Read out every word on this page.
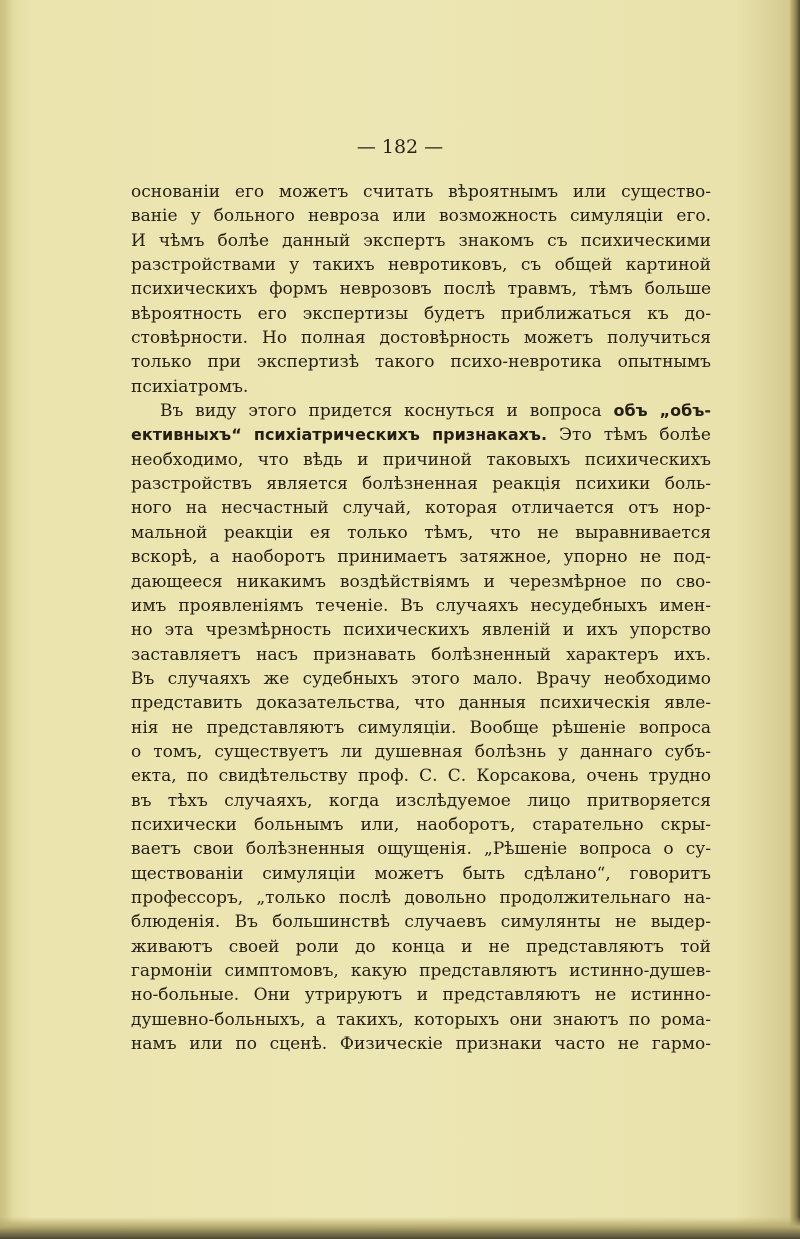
— 182 —
основаніи его можетъ считать вѣроятнымъ или существо-
ваніе у больного невроза или возможность симуляціи его.
И чѣмъ болѣе данный экспертъ знакомъ съ психическими
разстройствами у такихъ невротиковъ, съ общей картиной
психическихъ формъ неврозовъ послѣ травмъ, тѣмъ больше
вѣроятность его экспертизы будетъ приближаться къ до-
стовѣрности. Но полная достовѣрность можетъ получиться
только при экспертизѣ такого психо-невротика опытнымъ
психіатромъ.
Въ виду этого придется коснуться и вопроса объ „объ-
ективныхъ“ психіатрическихъ признакахъ. Это тѣмъ болѣе
необходимо, что вѣдь и причиной таковыхъ психическихъ
разстройствъ является болѣзненная реакція психики боль-
ного на несчастный случай, которая отличается отъ нор-
мальной реакціи ея только тѣмъ, что не выравнивается
вскорѣ, а наоборотъ принимаетъ затяжное, упорно не под-
дающееся никакимъ воздѣйствіямъ и черезмѣрное по сво-
имъ проявленіямъ теченіе. Въ случаяхъ несудебныхъ имен-
но эта чрезмѣрность психическихъ явленій и ихъ упорство
заставляетъ насъ признавать болѣзненный характеръ ихъ.
Въ случаяхъ же судебныхъ этого мало. Врачу необходимо
представить доказательства, что данныя психическія явле-
нія не представляютъ симуляціи. Вообще рѣшеніе вопроса
о томъ, существуетъ ли душевная болѣзнь у даннаго субъ-
екта, по свидѣтельству проф. С. С. Корсакова, очень трудно
въ тѣхъ случаяхъ, когда изслѣдуемое лицо притворяется
психически больнымъ или, наоборотъ, старательно скры-
ваетъ свои болѣзненныя ощущенія. „Рѣшеніе вопроса о су-
ществованіи симуляціи можетъ быть сдѣлано“, говоритъ
профессоръ, „только послѣ довольно продолжительнаго на-
блюденія. Въ большинствѣ случаевъ симулянты не выдер-
живаютъ своей роли до конца и не представляютъ той
гармоніи симптомовъ, какую представляютъ истинно-душев-
но-больные. Они утрируютъ и представляютъ не истинно-
душевно-больныхъ, а такихъ, которыхъ они знаютъ по рома-
намъ или по сценѣ. Физическіе признаки часто не гармо-
